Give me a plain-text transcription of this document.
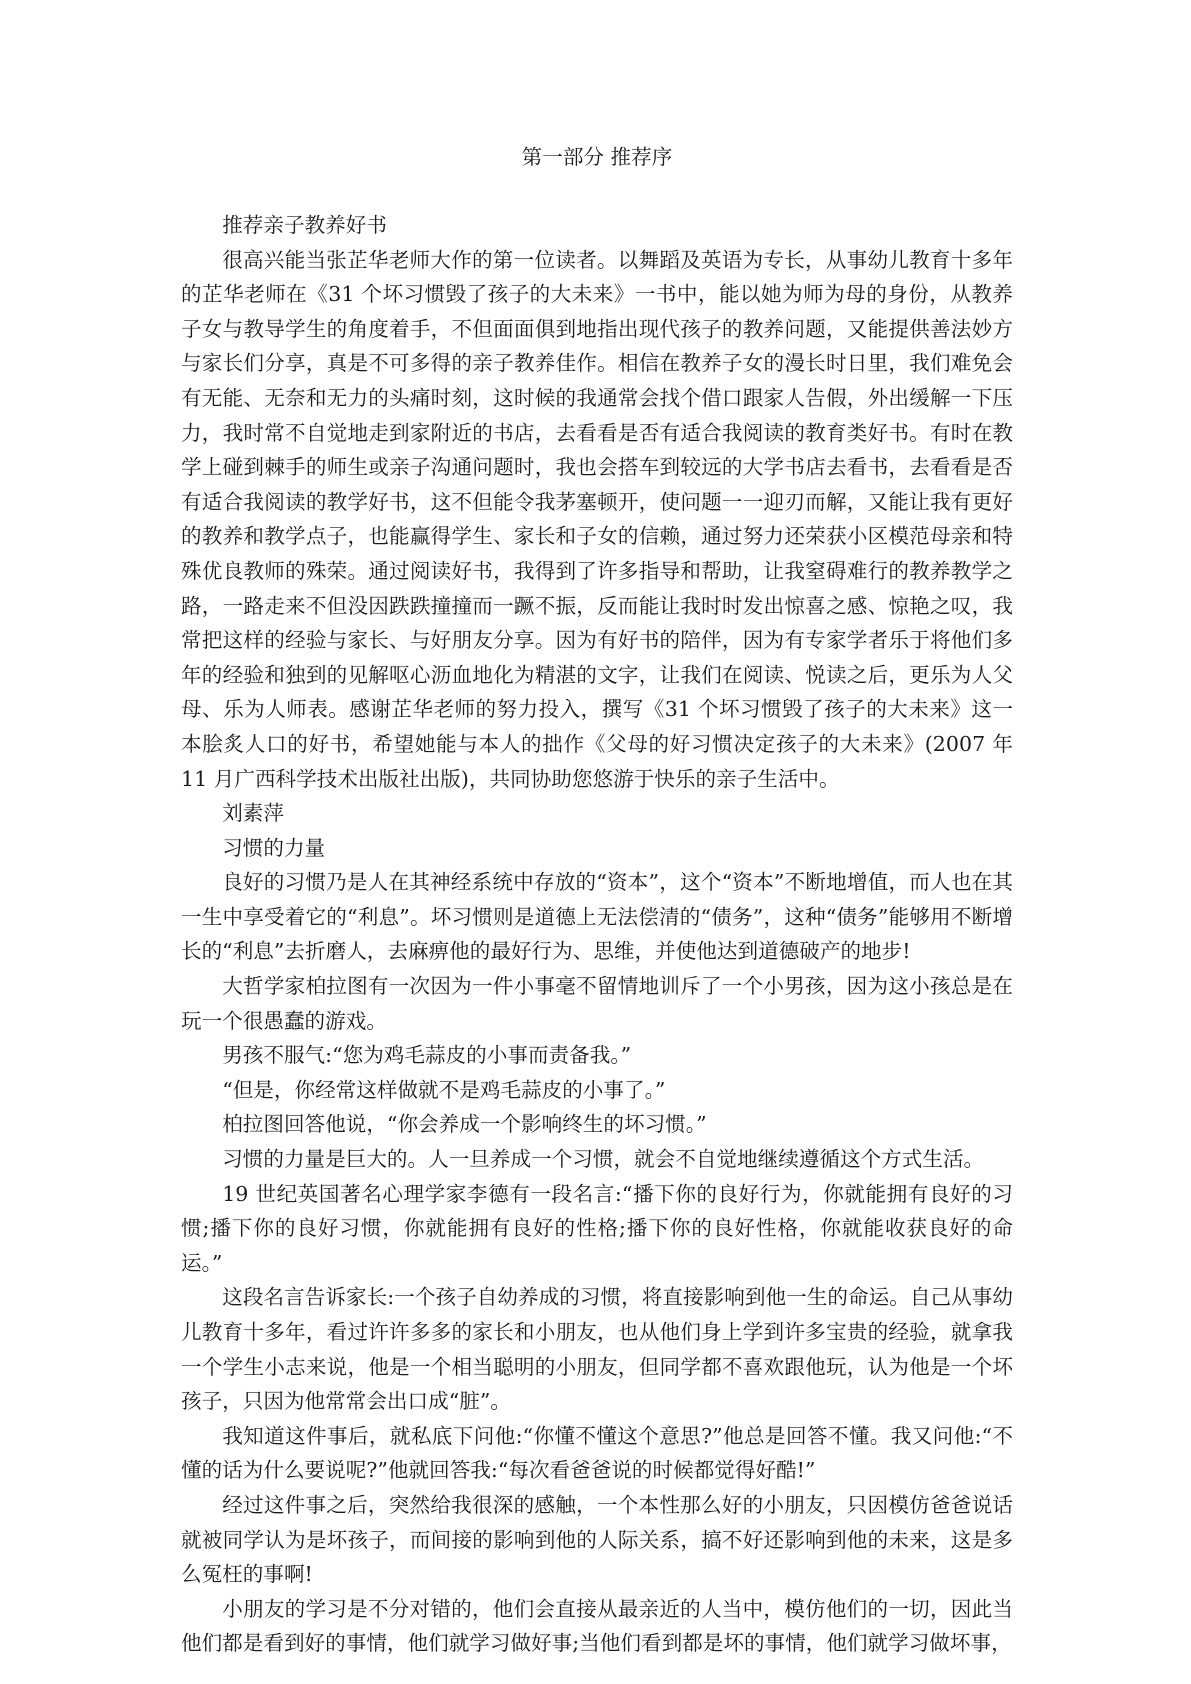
第一部分 推荐序

推荐亲子教养好书

很高兴能当张芷华老师大作的第一位读者。以舞蹈及英语为专长，从事幼儿教育十多年的芷华老师在《31 个坏习惯毁了孩子的大未来》一书中，能以她为师为母的身份，从教养子女与教导学生的角度着手，不但面面俱到地指出现代孩子的教养问题，又能提供善法妙方与家长们分享，真是不可多得的亲子教养佳作。相信在教养子女的漫长时日里，我们难免会有无能、无奈和无力的头痛时刻，这时候的我通常会找个借口跟家人告假，外出缓解一下压力，我时常不自觉地走到家附近的书店，去看看是否有适合我阅读的教育类好书。有时在教学上碰到棘手的师生或亲子沟通问题时，我也会搭车到较远的大学书店去看书，去看看是否有适合我阅读的教学好书，这不但能令我茅塞顿开，使问题一一迎刃而解，又能让我有更好的教养和教学点子，也能赢得学生、家长和子女的信赖，通过努力还荣获小区模范母亲和特殊优良教师的殊荣。通过阅读好书，我得到了许多指导和帮助，让我窒碍难行的教养教学之路，一路走来不但没因跌跌撞撞而一蹶不振，反而能让我时时发出惊喜之感、惊艳之叹，我常把这样的经验与家长、与好朋友分享。因为有好书的陪伴，因为有专家学者乐于将他们多年的经验和独到的见解呕心沥血地化为精湛的文字，让我们在阅读、悦读之后，更乐为人父母、乐为人师表。感谢芷华老师的努力投入，撰写《31 个坏习惯毁了孩子的大未来》这一本脍炙人口的好书，希望她能与本人的拙作《父母的好习惯决定孩子的大未来》(2007 年 11 月广西科学技术出版社出版)，共同协助您悠游于快乐的亲子生活中。

刘素萍

习惯的力量

良好的习惯乃是人在其神经系统中存放的“资本”，这个“资本”不断地增值，而人也在其一生中享受着它的“利息”。坏习惯则是道德上无法偿清的“债务”，这种“债务”能够用不断增长的“利息”去折磨人，去麻痹他的最好行为、思维，并使他达到道德破产的地步!

大哲学家柏拉图有一次因为一件小事毫不留情地训斥了一个小男孩，因为这小孩总是在玩一个很愚蠢的游戏。

男孩不服气:“您为鸡毛蒜皮的小事而责备我。”

“但是，你经常这样做就不是鸡毛蒜皮的小事了。”

柏拉图回答他说，“你会养成一个影响终生的坏习惯。”

习惯的力量是巨大的。人一旦养成一个习惯，就会不自觉地继续遵循这个方式生活。

19 世纪英国著名心理学家李德有一段名言:“播下你的良好行为，你就能拥有良好的习惯;播下你的良好习惯，你就能拥有良好的性格;播下你的良好性格，你就能收获良好的命运。”

这段名言告诉家长:一个孩子自幼养成的习惯，将直接影响到他一生的命运。自己从事幼儿教育十多年，看过许许多多的家长和小朋友，也从他们身上学到许多宝贵的经验，就拿我一个学生小志来说，他是一个相当聪明的小朋友，但同学都不喜欢跟他玩，认为他是一个坏孩子，只因为他常常会出口成“脏”。

我知道这件事后，就私底下问他:“你懂不懂这个意思?”他总是回答不懂。我又问他:“不懂的话为什么要说呢?”他就回答我:“每次看爸爸说的时候都觉得好酷!”

经过这件事之后，突然给我很深的感触，一个本性那么好的小朋友，只因模仿爸爸说话就被同学认为是坏孩子，而间接的影响到他的人际关系，搞不好还影响到他的未来，这是多么冤枉的事啊!

小朋友的学习是不分对错的，他们会直接从最亲近的人当中，模仿他们的一切，因此当他们都是看到好的事情，他们就学习做好事;当他们看到都是坏的事情，他们就学习做坏事，
